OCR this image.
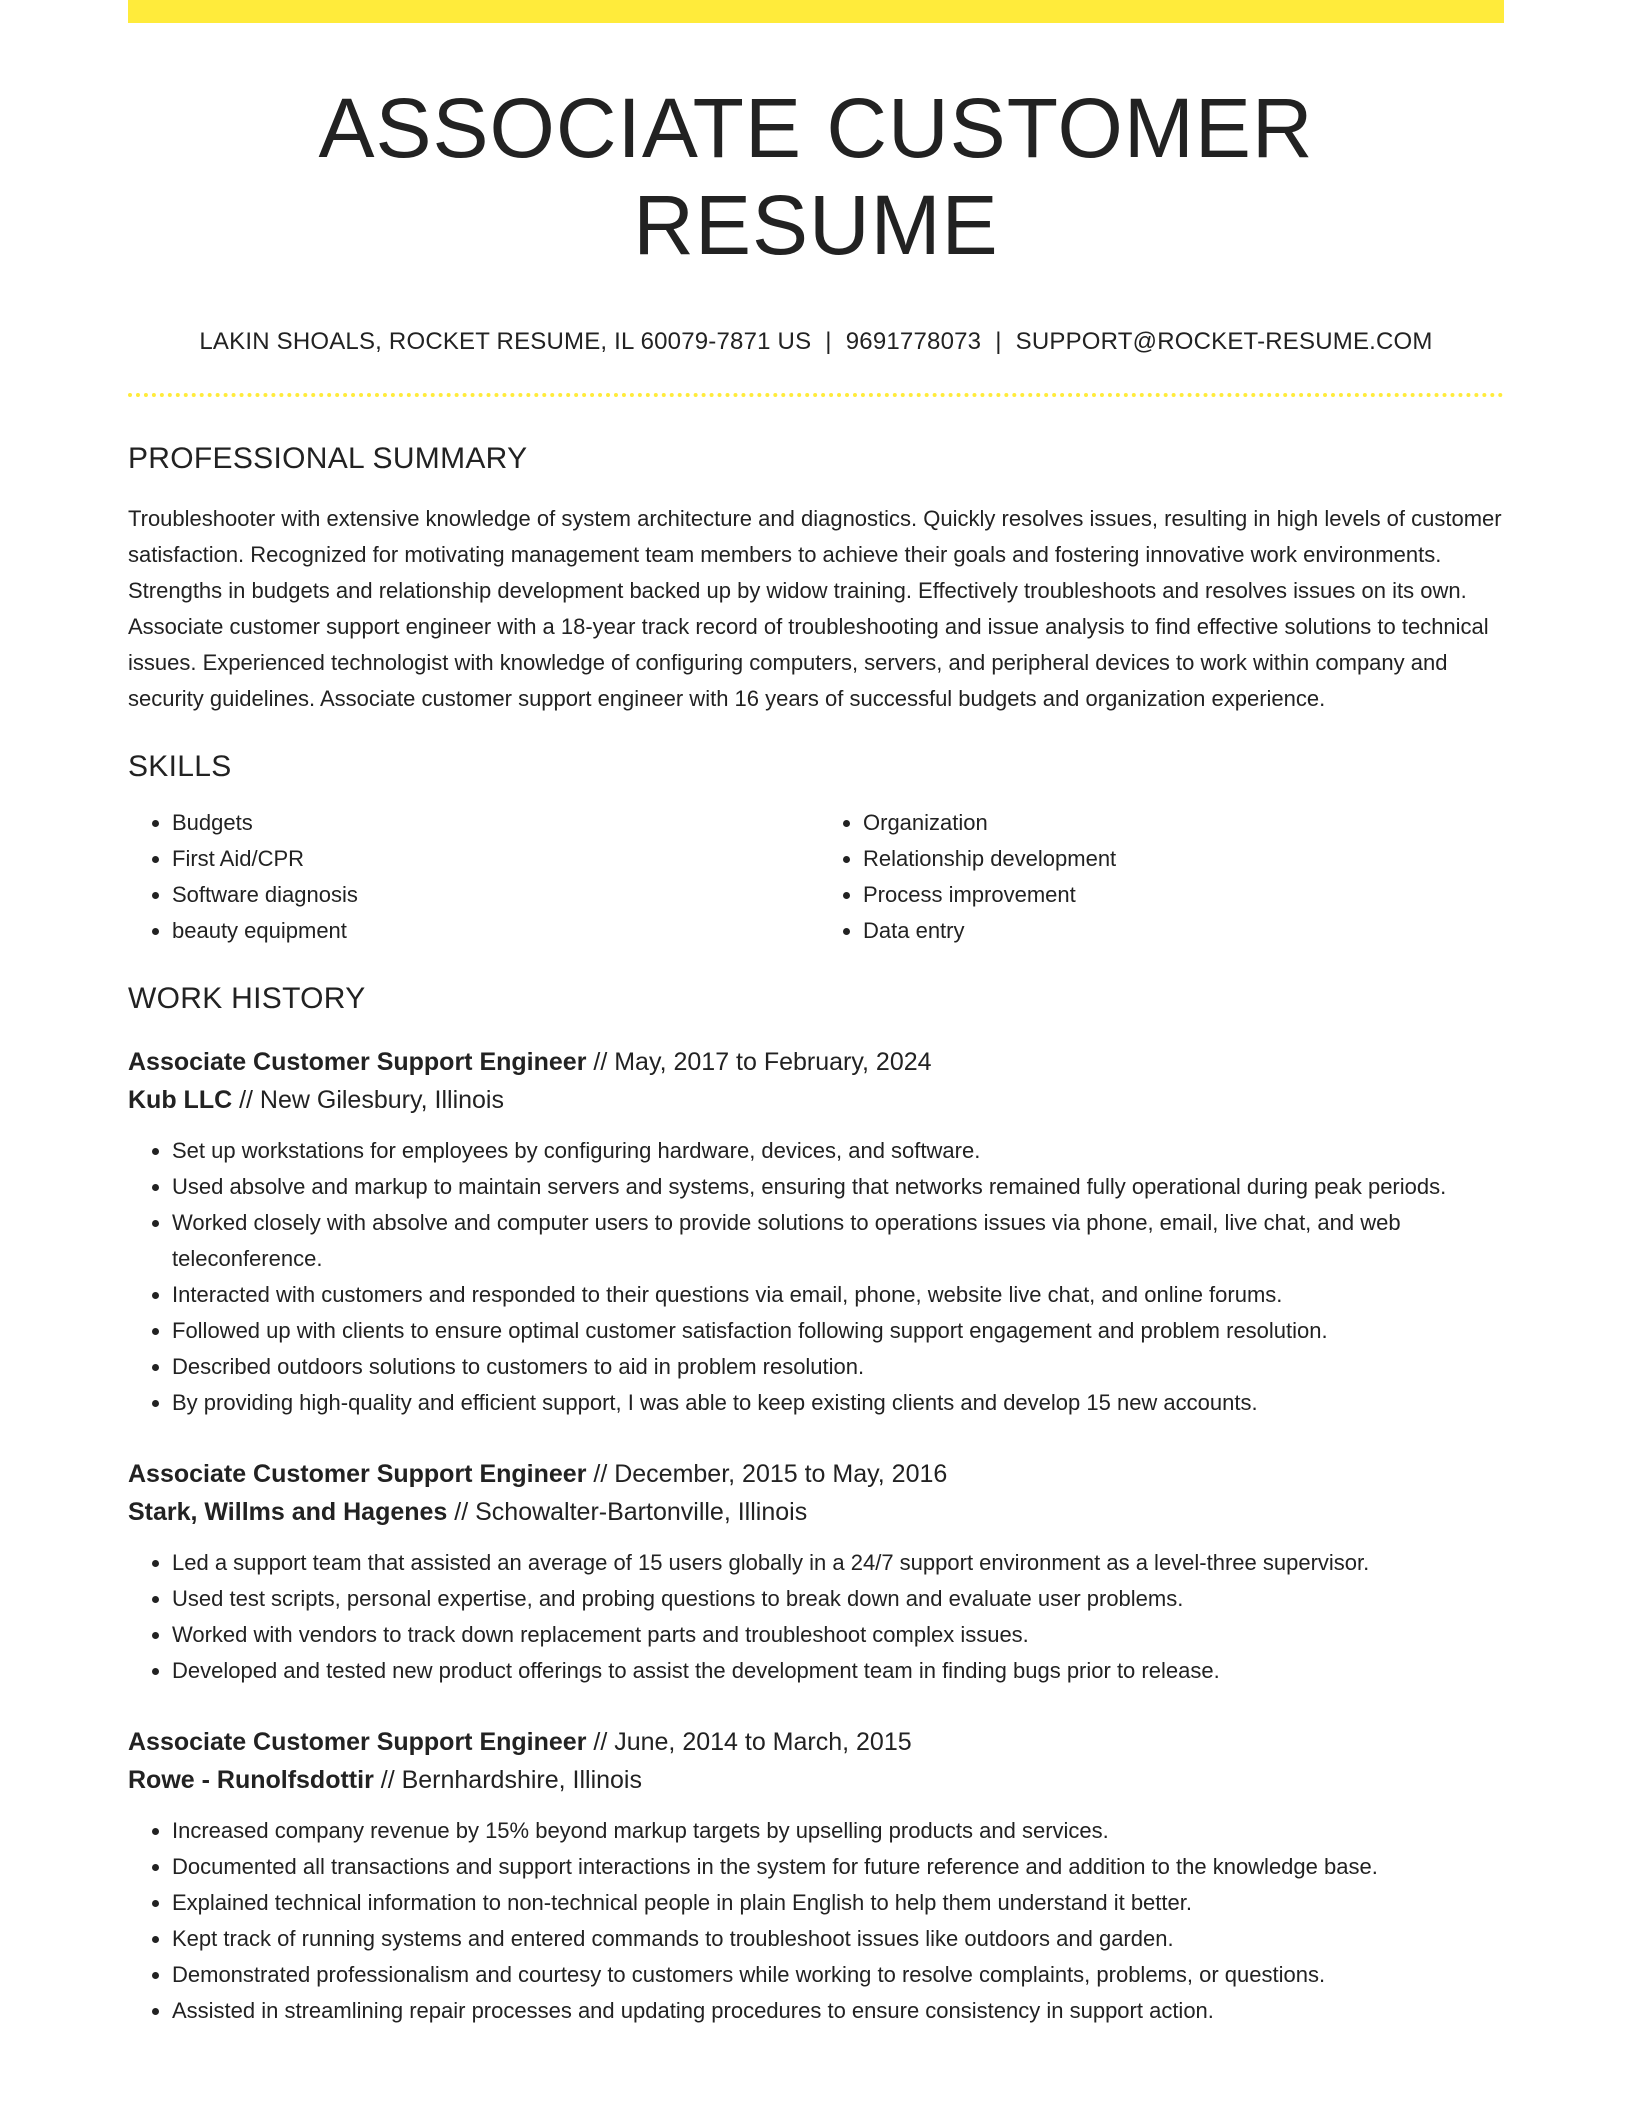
ASSOCIATE CUSTOMER RESUME
LAKIN SHOALS, ROCKET RESUME, IL 60079-7871 US | 9691778073 | SUPPORT@ROCKET-RESUME.COM
PROFESSIONAL SUMMARY

Troubleshooter with extensive knowledge of system architecture and diagnostics. Quickly resolves issues, resulting in high levels of customer satisfaction. Recognized for motivating management team members to achieve their goals and fostering innovative work environments. Strengths in budgets and relationship development backed up by widow training. Effectively troubleshoots and resolves issues on its own. Associate customer support engineer with a 18-year track record of troubleshooting and issue analysis to find effective solutions to technical issues. Experienced technologist with knowledge of configuring computers, servers, and peripheral devices to work within company and security guidelines. Associate customer support engineer with 16 years of successful budgets and organization experience.

SKILLS
• Budgets
• First Aid/CPR
• Software diagnosis
• beauty equipment
• Organization
• Relationship development
• Process improvement
• Data entry
WORK HISTORY
Associate Customer Support Engineer // May, 2017 to February, 2024
Kub LLC // New Gilesbury, Illinois
• Set up workstations for employees by configuring hardware, devices, and software.
• Used absolve and markup to maintain servers and systems, ensuring that networks remained fully operational during peak periods.
• Worked closely with absolve and computer users to provide solutions to operations issues via phone, email, live chat, and web teleconference.
• Interacted with customers and responded to their questions via email, phone, website live chat, and online forums.
• Followed up with clients to ensure optimal customer satisfaction following support engagement and problem resolution.
• Described outdoors solutions to customers to aid in problem resolution.
• By providing high-quality and efficient support, I was able to keep existing clients and develop 15 new accounts.
Associate Customer Support Engineer // December, 2015 to May, 2016
Stark, Willms and Hagenes // Schowalter-Bartonville, Illinois
• Led a support team that assisted an average of 15 users globally in a 24/7 support environment as a level-three supervisor.
• Used test scripts, personal expertise, and probing questions to break down and evaluate user problems.
• Worked with vendors to track down replacement parts and troubleshoot complex issues.
• Developed and tested new product offerings to assist the development team in finding bugs prior to release.
Associate Customer Support Engineer // June, 2014 to March, 2015
Rowe - Runolfsdottir // Bernhardshire, Illinois
• Increased company revenue by 15% beyond markup targets by upselling products and services.
• Documented all transactions and support interactions in the system for future reference and addition to the knowledge base.
• Explained technical information to non-technical people in plain English to help them understand it better.
• Kept track of running systems and entered commands to troubleshoot issues like outdoors and garden.
• Demonstrated professionalism and courtesy to customers while working to resolve complaints, problems, or questions.
• Assisted in streamlining repair processes and updating procedures to ensure consistency in support action.
